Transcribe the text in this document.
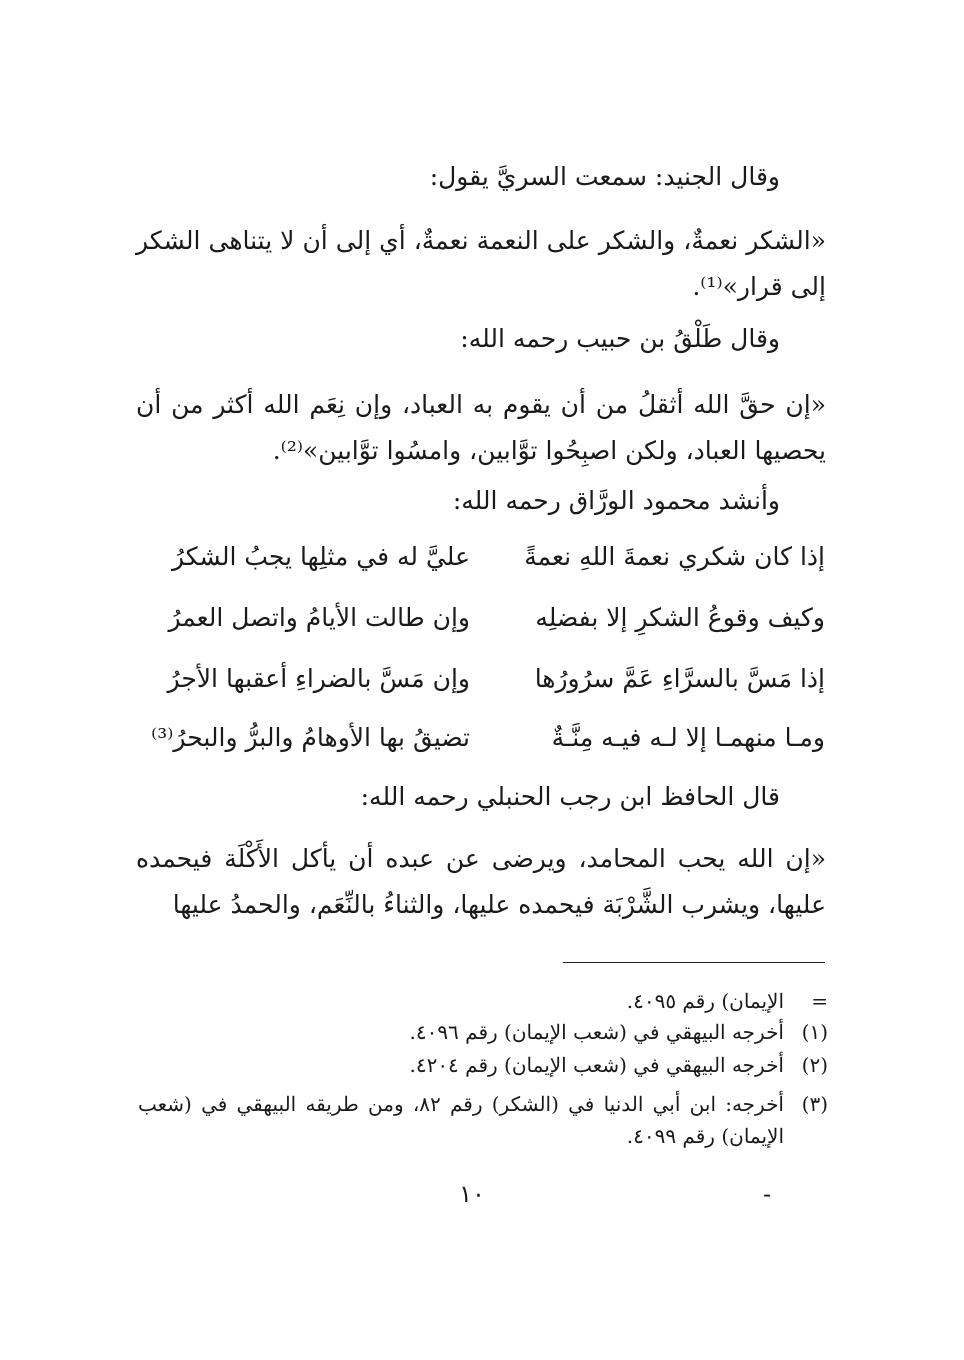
وقال الجنيد: سمعت السريَّ يقول:
«الشكر نعمةٌ، والشكر على النعمة نعمةٌ، أي إلى أن لا يتناهى الشكر إلى قرار»⁽¹⁾.
وقال طَلْقُ بن حبيب رحمه الله:
«إن حقَّ الله أثقلُ من أن يقوم به العباد، وإن نِعَم الله أكثر من أن يحصيها العباد، ولكن اصبِحُوا توَّابين، وامسُوا توَّابين»⁽²⁾.
وأنشد محمود الورَّاق رحمه الله:
إذا كان شكري نعمةَ اللهِ نعمةً
عليَّ له في مثلِها يجبُ الشكرُ
وكيف وقوعُ الشكرِ إلا بفضلِه
وإن طالت الأيامُ واتصل العمرُ
إذا مَسَّ بالسرَّاءِ عَمَّ سرُورُها
وإن مَسَّ بالضراءِ أعقبها الأجرُ
ومـا منهمـا إلا لـه فيـه مِنَّـةٌ
تضيقُ بها الأوهامُ والبرُّ والبحرُ⁽³⁾
قال الحافظ ابن رجب الحنبلي رحمه الله:
«إن الله يحب المحامد، ويرضى عن عبده أن يأكل الأَكْلَة فيحمده عليها، ويشرب الشَّرْبَة فيحمده عليها، والثناءُ بالنِّعَم، والحمدُ عليها
=
الإيمان) رقم ٤٠٩٥.
(١)
أخرجه البيهقي في (شعب الإيمان) رقم ٤٠٩٦.
(٢)
أخرجه البيهقي في (شعب الإيمان) رقم ٤٢٠٤.
(٣)
أخرجه: ابن أبي الدنيا في (الشكر) رقم ٨٢، ومن طريقه البيهقي في (شعب الإيمان) رقم ٤٠٩٩.
١٠	-
